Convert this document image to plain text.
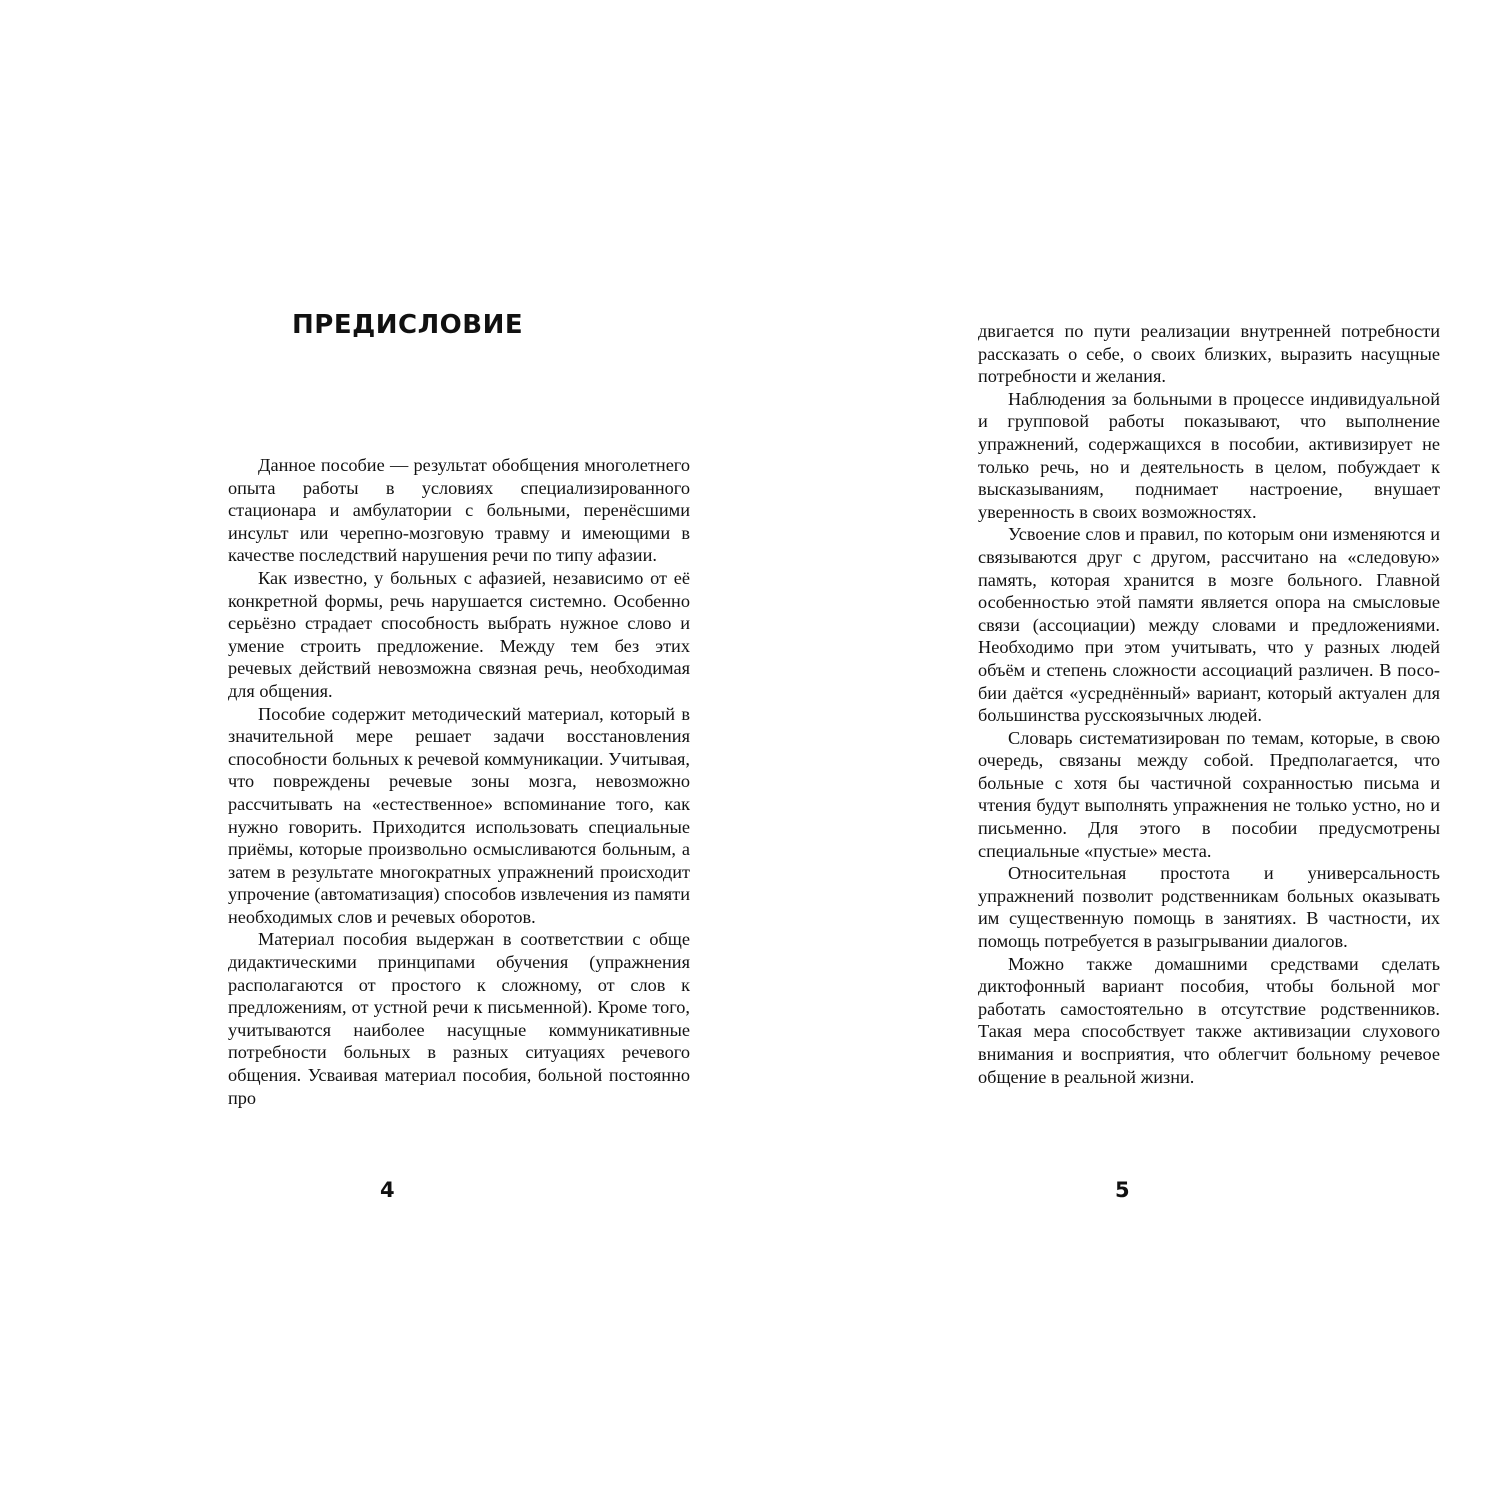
ПРЕДИСЛОВИЕ

Данное пособие — результат обобщения многолетнего опыта работы в условиях специализированного стационара и амбулатории с больными, перенёсшими инсульт или черепно-мозговую травму и имеющими в качестве последствий нарушения речи по типу афазии.

Как известно, у больных с афазией, независимо от её конкретной формы, речь нарушается системно. Особенно серьёзно страдает способность выбрать нужное слово и умение строить предложение. Между тем без этих речевых действий невозможна связная речь, необходимая для общения.

Пособие содержит методический материал, который в значительной мере решает задачи восстановления способности больных к речевой коммуникации. Учитывая, что повреждены речевые зоны мозга, невозможно рассчитывать на «естественное» вспоминание того, как нужно говорить. Приходится использовать специальные приёмы, которые произвольно осмысливаются больным, а затем в результате многократных упражнений происходит упрочение (автоматизация) способов извлечения из памяти необходимых слов и речевых оборотов.

Материал пособия выдержан в соответствии с обще дидактическими принципами обучения (упражнения располагаются от простого к сложному, от слов к предложениям, от устной речи к письменной). Кроме того, учитываются наиболее насущные коммуникативные потребности больных в разных ситуациях речевого общения. Усваивая материал пособия, больной постоянно про

4

двигается по пути реализации внутренней потребности рассказать о себе, о своих близких, выразить насущные потребности и желания.

Наблюдения за больными в процессе индивидуальной и групповой работы показывают, что выполнение упражнений, содержащихся в пособии, активизирует не только речь, но и деятельность в целом, побуждает к высказываниям, поднимает настроение, внушает уверенность в своих возможностях.

Усвоение слов и правил, по которым они изменяются и связываются друг с другом, рассчитано на «следовую» память, которая хранится в мозге больного. Главной особенностью этой памяти является опора на смысловые связи (ассоциации) между словами и предложениями. Необходимо при этом учитывать, что у разных людей объём и степень сложности ассоциаций различен. В пособии даётся «усреднённый» вариант, который актуален для большинства русскоязычных людей.

Словарь систематизирован по темам, которые, в свою очередь, связаны между собой. Предполагается, что больные с хотя бы частичной сохранностью письма и чтения будут выполнять упражнения не только устно, но и письменно. Для этого в пособии предусмотрены специальные «пустые» места.

Относительная простота и универсальность упражнений позволит родственникам больных оказывать им существенную помощь в занятиях. В частности, их помощь потребуется в разыгрывании диалогов.

Можно также домашними средствами сделать диктофонный вариант пособия, чтобы больной мог работать самостоятельно в отсутствие родственников. Такая мера способствует также активизации слухового внимания и восприятия, что облегчит больному речевое общение в реальной жизни.

5
